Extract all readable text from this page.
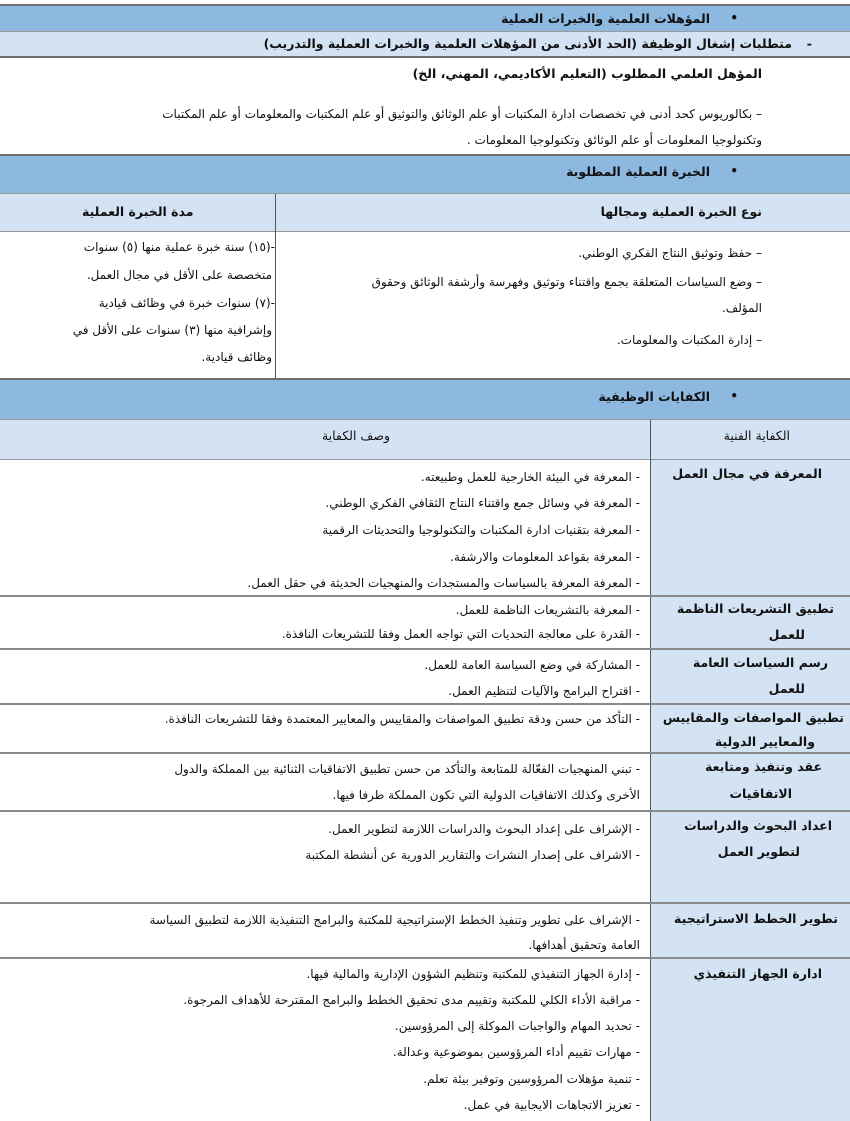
•
المؤهلات العلمية والخبرات العملية
-
متطلبات إشغال الوظيفة (الحد الأدنى من المؤهلات العلمية والخبرات العملية والتدريب)
المؤهل العلمي المطلوب (التعليم الأكاديمي، المهني، الخ)
– بكالوريوس كحد أدنى في تخصصات ادارة المكتبات أو علم الوثائق والتوثيق أو علم المكتبات والمعلومات أو علم المكتبات
وتكنولوجيا المعلومات أو علم الوثائق وتكنولوجيا المعلومات .
•
الخبرة العملية المطلوبة
نوع الخبرة العملية ومجالها
مدة الخبرة العملية
– حفظ وتوثيق النتاج الفكري الوطني.
– وضع السياسات المتعلقة بجمع واقتناء وتوثيق وفهرسة وأرشفة الوثائق وحقوق
المؤلف.
– إدارة المكتبات والمعلومات.
-(١٥) سنة خبرة عملية منها (٥) سنوات
متخصصة على الأقل في مجال العمل.
-(٧) سنوات خبرة في وظائف قيادية
وإشرافية منها (٣) سنوات على الأقل في
وظائف قيادية.
•
الكفايات الوظيفية
الكفاية الفنية
وصف الكفاية
المعرفة في مجال العمل
- المعرفة في البيئة الخارجية للعمل وطبيعته.
- المعرفة في وسائل جمع واقتناء النتاج الثقافي الفكري الوطني.
- المعرفة بتقنيات ادارة المكتبات والتكنولوجيا والتحديثات الرقمية
- المعرفة بقواعد المعلومات والارشفة.
- المعرفة المعرفة بالسياسات والمستجدات والمنهجيات الحديثة في حقل العمل.
تطبيق التشريعات الناظمة
للعمل
- المعرفة بالتشريعات الناظمة للعمل.
- القدرة على معالجة التحديات التي تواجه العمل وفقا للتشريعات النافذة.
رسم السياسات العامة
للعمل
- المشاركة في وضع السياسة العامة للعمل.
- اقتراح البرامج والآليات لتنظيم العمل.
تطبيق المواصفات والمقاييس
والمعايير الدولية
- التأكد من حسن ودقة تطبيق المواصفات والمقاييس والمعايير المعتمدة وفقا للتشريعات النافذة.
عقد وتنفيذ ومتابعة
الاتفاقيات
- تبني المنهجيات الفعّالة للمتابعة والتأكد من حسن تطبيق الاتفاقيات الثنائية بين المملكة والدول
الأخرى وكذلك الاتفاقيات الدولية التي تكون المملكة طرفا فيها.
اعداد البحوث والدراسات
لتطوير العمل
- الإشراف على إعداد البحوث والدراسات اللازمة لتطوير العمل.
- الاشراف على إصدار النشرات والتقارير الدورية عن أنشطة المكتبة
تطوير الخطط الاستراتيجية
- الإشراف على تطوير وتنفيذ الخطط الإستراتيجية للمكتبة والبرامج التنفيذية اللازمة لتطبيق السياسة
العامة وتحقيق أهدافها.
ادارة الجهاز التنفيذي
- إدارة الجهاز التنفيذي للمكتبة وتنظيم الشؤون الإدارية والمالية فيها.
- مراقبة الأداء الكلي للمكتبة وتقييم مدى تحقيق الخطط والبرامج المقترحة للأهداف المرجوة.
- تحديد المهام والواجبات الموكلة إلى المرؤوسين.
- مهارات تقييم أداء المرؤوسين بموضوعية وعدالة.
- تنمية مؤهلات المرؤوسين وتوفير بيئة تعلم.
- تعزيز الاتجاهات الايجابية في عمل.
